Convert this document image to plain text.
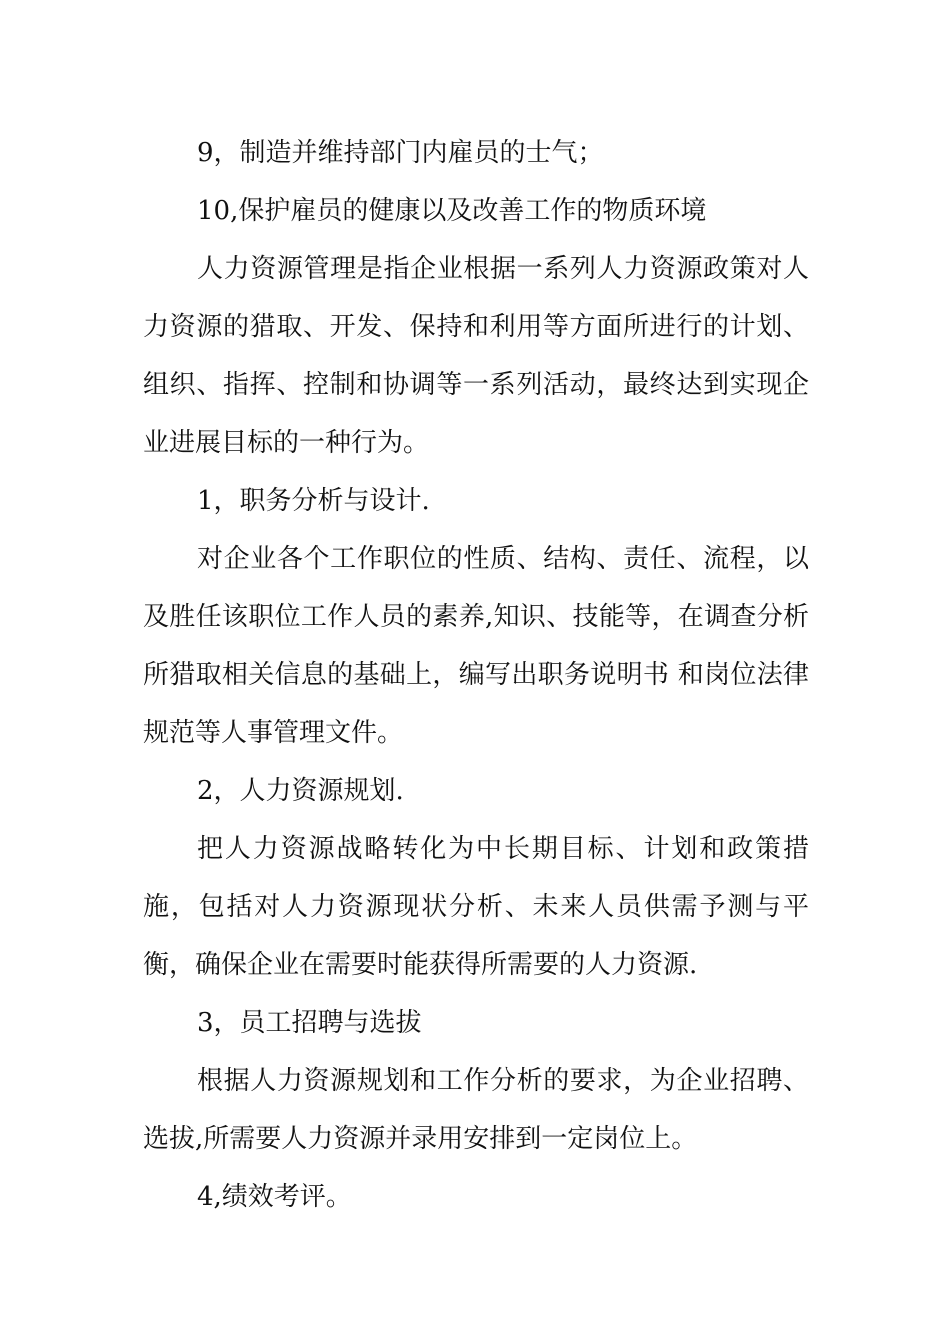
9，制造并维持部门内雇员的士气；

10,保护雇员的健康以及改善工作的物质环境

人力资源管理是指企业根据一系列人力资源政策对人力资源的猎取、开发、保持和利用等方面所进行的计划、组织、指挥、控制和协调等一系列活动，最终达到实现企业进展目标的一种行为。

1，职务分析与设计.

对企业各个工作职位的性质、结构、责任、流程，以及胜任该职位工作人员的素养,知识、技能等，在调查分析所猎取相关信息的基础上，编写出职务说明书 和岗位法律规范等人事管理文件。

2，人力资源规划.

把人力资源战略转化为中长期目标、计划和政策措施，包括对人力资源现状分析、未来人员供需予测与平衡，确保企业在需要时能获得所需要的人力资源.

3，员工招聘与选拔

根据人力资源规划和工作分析的要求，为企业招聘、选拔,所需要人力资源并录用安排到一定岗位上。

4,绩效考评。
